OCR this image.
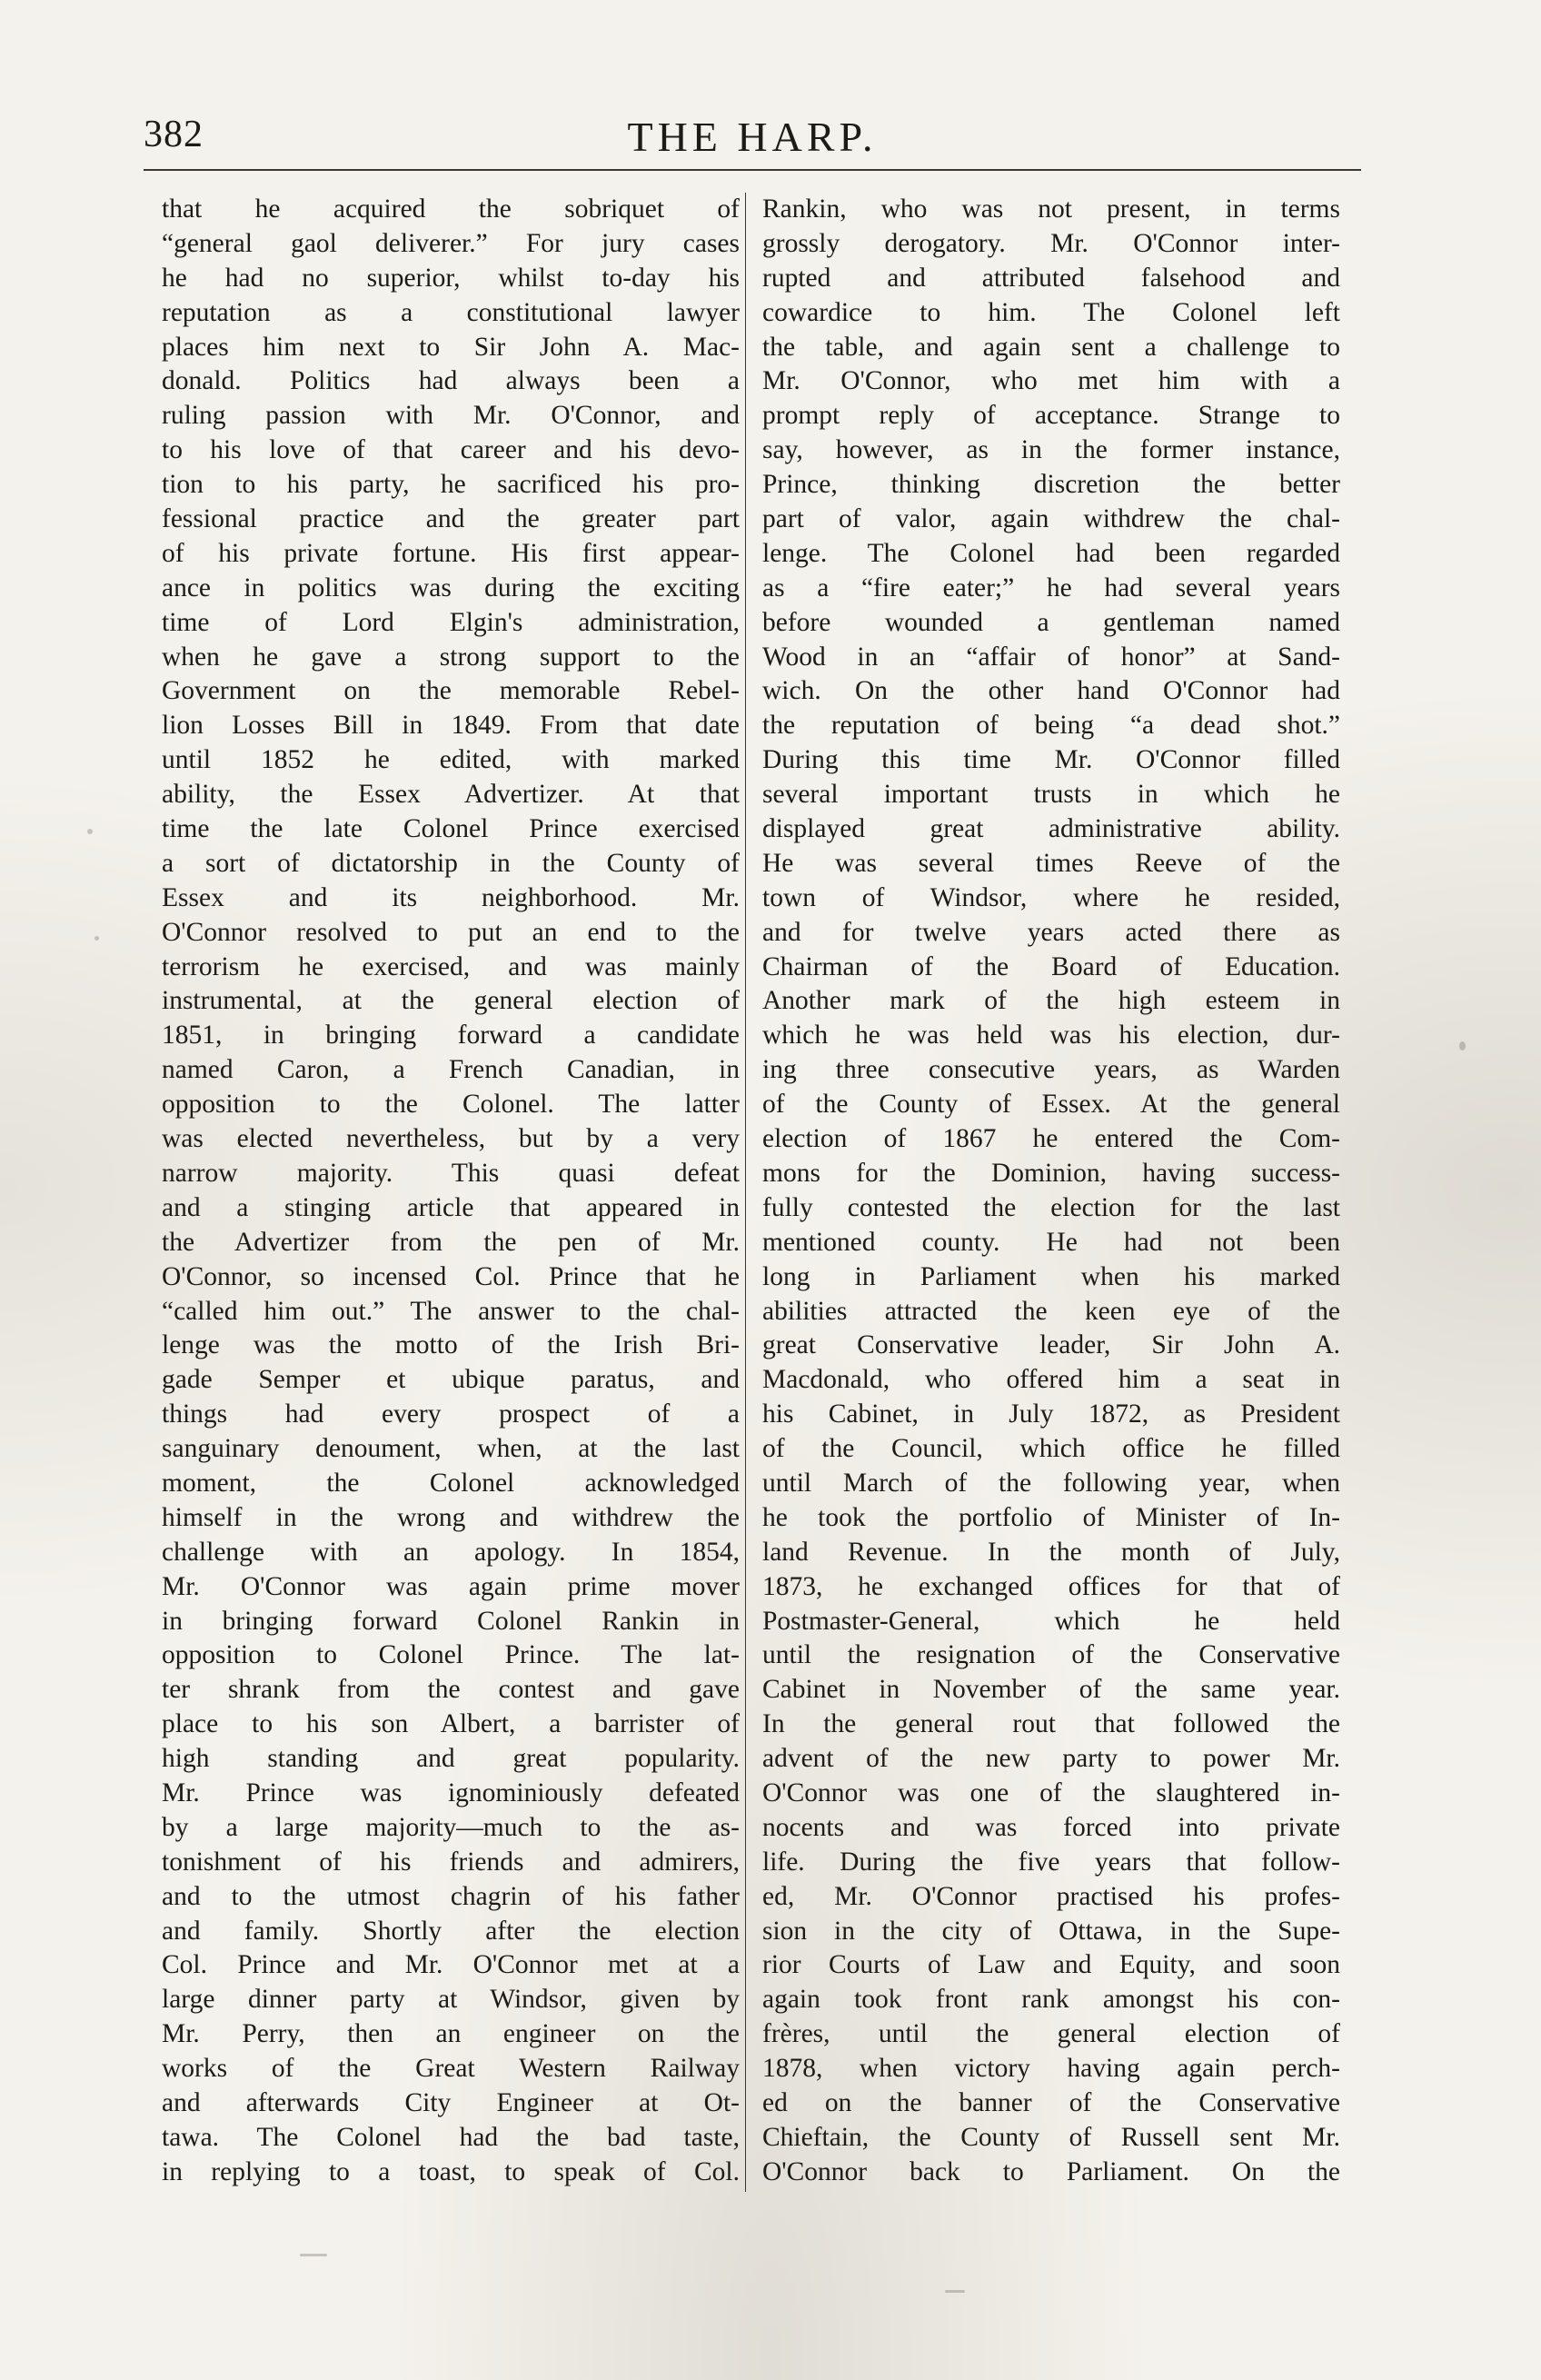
382	THE HARP.
that he acquired the sobriquet of
“general gaol deliverer.” For jury cases
he had no superior, whilst to-day his
reputation as a constitutional lawyer
places him next to Sir John A. Mac-
donald. Politics had always been a
ruling passion with Mr. O'Connor, and
to his love of that career and his devo-
tion to his party, he sacrificed his pro-
fessional practice and the greater part
of his private fortune. His first appear-
ance in politics was during the exciting
time of Lord Elgin's administration,
when he gave a strong support to the
Government on the memorable Rebel-
lion Losses Bill in 1849. From that date
until 1852 he edited, with marked
ability, the Essex Advertizer. At that
time the late Colonel Prince exercised
a sort of dictatorship in the County of
Essex and its neighborhood. Mr.
O'Connor resolved to put an end to the
terrorism he exercised, and was mainly
instrumental, at the general election of
1851, in bringing forward a candidate
named Caron, a French Canadian, in
opposition to the Colonel. The latter
was elected nevertheless, but by a very
narrow majority. This quasi defeat
and a stinging article that appeared in
the Advertizer from the pen of Mr.
O'Connor, so incensed Col. Prince that he
“called him out.” The answer to the chal-
lenge was the motto of the Irish Bri-
gade Semper et ubique paratus, and
things had every prospect of a
sanguinary denoument, when, at the last
moment, the Colonel acknowledged
himself in the wrong and withdrew the
challenge with an apology. In 1854,
Mr. O'Connor was again prime mover
in bringing forward Colonel Rankin in
opposition to Colonel Prince. The lat-
ter shrank from the contest and gave
place to his son Albert, a barrister of
high standing and great popularity.
Mr. Prince was ignominiously defeated
by a large majority—much to the as-
tonishment of his friends and admirers,
and to the utmost chagrin of his father
and family. Shortly after the election
Col. Prince and Mr. O'Connor met at a
large dinner party at Windsor, given by
Mr. Perry, then an engineer on the
works of the Great Western Railway
and afterwards City Engineer at Ot-
tawa. The Colonel had the bad taste,
in replying to a toast, to speak of Col.
Rankin, who was not present, in terms
grossly derogatory. Mr. O'Connor inter-
rupted and attributed falsehood and
cowardice to him. The Colonel left
the table, and again sent a challenge to
Mr. O'Connor, who met him with a
prompt reply of acceptance. Strange to
say, however, as in the former instance,
Prince, thinking discretion the better
part of valor, again withdrew the chal-
lenge. The Colonel had been regarded
as a “fire eater;” he had several years
before wounded a gentleman named
Wood in an “affair of honor” at Sand-
wich. On the other hand O'Connor had
the reputation of being “a dead shot.”
During this time Mr. O'Connor filled
several important trusts in which he
displayed great administrative ability.
He was several times Reeve of the
town of Windsor, where he resided,
and for twelve years acted there as
Chairman of the Board of Education.
Another mark of the high esteem in
which he was held was his election, dur-
ing three consecutive years, as Warden
of the County of Essex. At the general
election of 1867 he entered the Com-
mons for the Dominion, having success-
fully contested the election for the last
mentioned county. He had not been
long in Parliament when his marked
abilities attracted the keen eye of the
great Conservative leader, Sir John A.
Macdonald, who offered him a seat in
his Cabinet, in July 1872, as President
of the Council, which office he filled
until March of the following year, when
he took the portfolio of Minister of In-
land Revenue. In the month of July,
1873, he exchanged offices for that of
Postmaster-General, which he held
until the resignation of the Conservative
Cabinet in November of the same year.
In the general rout that followed the
advent of the new party to power Mr.
O'Connor was one of the slaughtered in-
nocents and was forced into private
life. During the five years that follow-
ed, Mr. O'Connor practised his profes-
sion in the city of Ottawa, in the Supe-
rior Courts of Law and Equity, and soon
again took front rank amongst his con-
frères, until the general election of
1878, when victory having again perch-
ed on the banner of the Conservative
Chieftain, the County of Russell sent Mr.
O'Connor back to Parliament. On the
